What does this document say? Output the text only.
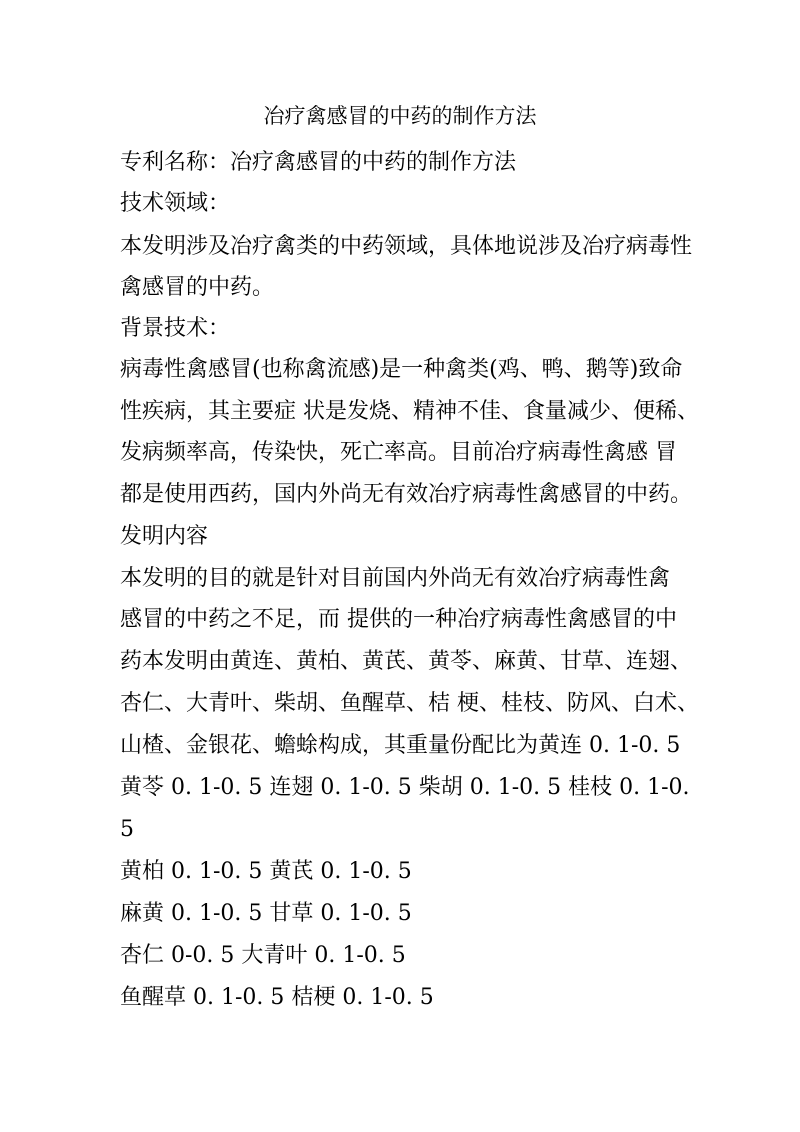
冶疗禽感冒的中药的制作方法
专利名称：冶疗禽感冒的中药的制作方法
技术领域：
本发明涉及冶疗禽类的中药领域，具体地说涉及冶疗病毒性
禽感冒的中药。
背景技术：
病毒性禽感冒(也称禽流感)是一种禽类(鸡、鸭、鹅等)致命
性疾病，其主要症 状是发烧、精神不佳、食量减少、便稀、
发病频率高，传染快，死亡率高。目前冶疗病毒性禽感 冒
都是使用西药，国内外尚无有效冶疗病毒性禽感冒的中药。
发明内容
本发明的目的就是针对目前国内外尚无有效冶疗病毒性禽
感冒的中药之不足，而 提供的一种冶疗病毒性禽感冒的中
药本发明由黄连、黄柏、黄芪、黄苓、麻黄、甘草、连翅、
杏仁、大青叶、柴胡、鱼醒草、桔 梗、桂枝、防风、白术、
山楂、金银花、蟾蜍构成，其重量份配比为黄连 0. 1-0. 5
黄苓 0. 1-0. 5 连翅 0. 1-0. 5 柴胡 0. 1-0. 5 桂枝 0. 1-0.
5
黄柏 0. 1-0. 5 黄芪 0. 1-0. 5
麻黄 0. 1-0. 5 甘草 0. 1-0. 5
杏仁 0-0. 5 大青叶 0. 1-0. 5
鱼醒草 0. 1-0. 5 桔梗 0. 1-0. 5
